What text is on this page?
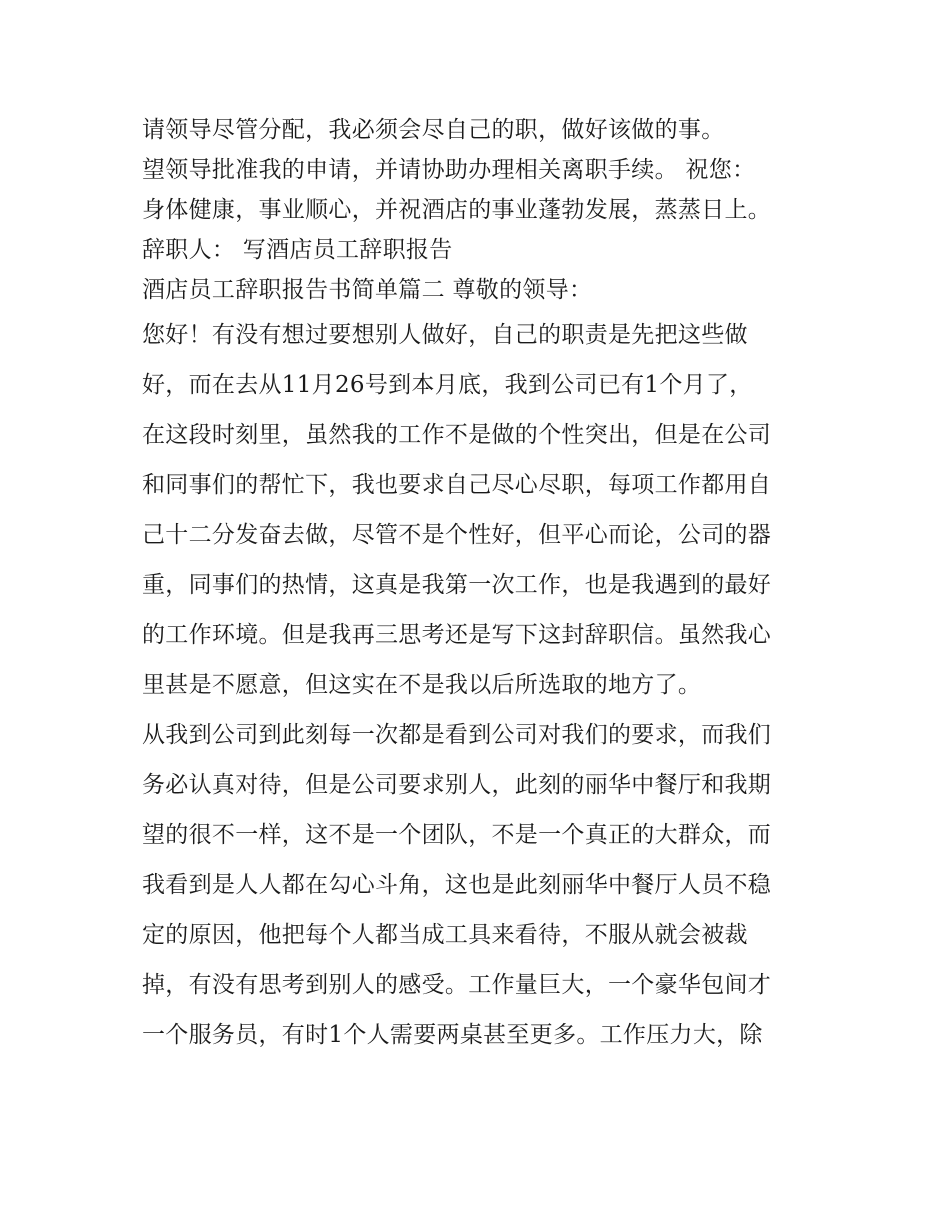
请领导尽管分配，我必须会尽自己的职，做好该做的事。
望领导批准我的申请，并请协助办理相关离职手续。 祝您：
身体健康，事业顺心，并祝酒店的事业蓬勃发展，蒸蒸日上。
辞职人： 写酒店员工辞职报告
酒店员工辞职报告书简单篇二 尊敬的领导：
您好！有没有想过要想别人做好，自己的职责是先把这些做
好，而在去从11月26号到本月底，我到公司已有1个月了，
在这段时刻里，虽然我的工作不是做的个性突出，但是在公司
和同事们的帮忙下，我也要求自己尽心尽职，每项工作都用自
己十二分发奋去做，尽管不是个性好，但平心而论，公司的器
重，同事们的热情，这真是我第一次工作，也是我遇到的最好
的工作环境。但是我再三思考还是写下这封辞职信。虽然我心
里甚是不愿意，但这实在不是我以后所选取的地方了。
从我到公司到此刻每一次都是看到公司对我们的要求，而我们
务必认真对待，但是公司要求别人，此刻的丽华中餐厅和我期
望的很不一样，这不是一个团队，不是一个真正的大群众，而
我看到是人人都在勾心斗角，这也是此刻丽华中餐厅人员不稳
定的原因，他把每个人都当成工具来看待，不服从就会被裁
掉，有没有思考到别人的感受。工作量巨大，一个豪华包间才
一个服务员，有时1个人需要两桌甚至更多。工作压力大，除
